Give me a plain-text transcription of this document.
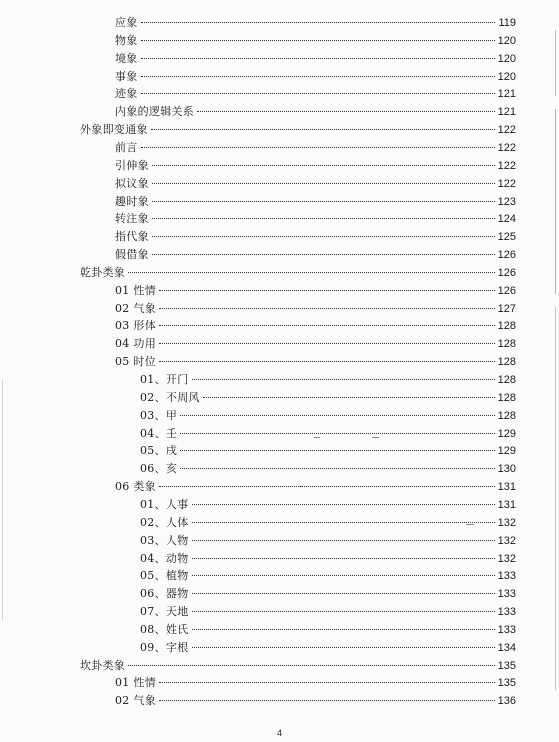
应象	119
物象	120
境象	120
事象	120
迹象	121
内象的逻辑关系	121
外象即变通象	122
前言	122
引伸象	122
拟议象	122
趣时象	123
转注象	124
指代象	125
假借象	126
乾卦类象	126
01 性情	126
02 气象	127
03 形体	128
04 功用	128
05 时位	128
01、开门	128
02、不周风	128
03、甲	128
04、壬	129
05、戌	129
06、亥	130
06 类象	131
01、人事	131
02、人体	132
03、人物	132
04、动物	132
05、植物	133
06、器物	133
07、天地	133
08、姓氏	133
09、字根	134
坎卦类象	135
01 性情	135
02 气象	136
4
